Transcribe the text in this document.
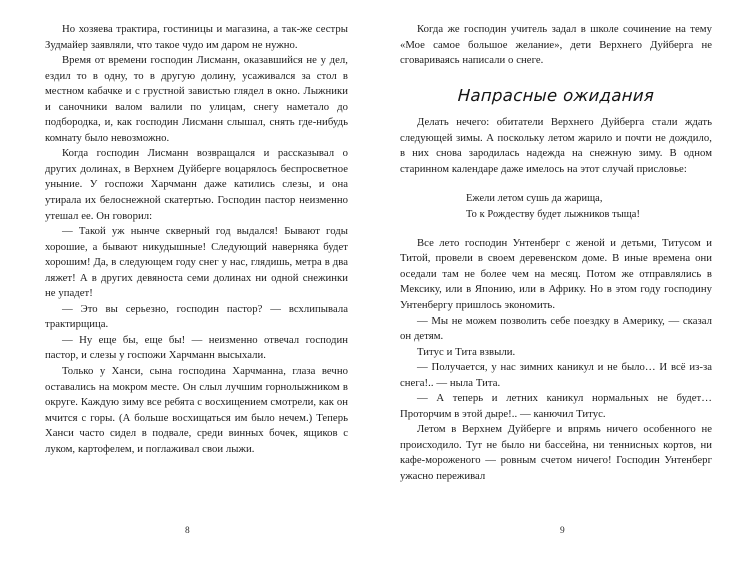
Но хозяева трактира, гостиницы и магазина, а так-же сестры Зудмайер заявляли, что такое чудо им даром не нужно.

Время от времени господин Лисманн, оказавшийся не у дел, ездил то в одну, то в другую долину, усаживался за стол в местном кабачке и с грустной завистью глядел в окно. Лыжники и саночники валом валили по улицам, снегу наметало до подбородка, и, как господин Лисманн слышал, снять где-нибудь комнату было невозможно.

Когда господин Лисманн возвращался и рассказывал о других долинах, в Верхнем Дуйберге воцарялось беспросветное уныние. У госпожи Харчманн даже катились слезы, и она утирала их белоснежной скатертью. Господин пастор неизменно утешал ее. Он говорил:

— Такой уж нынче скверный год выдался! Бывают годы хорошие, а бывают никудышные! Следующий наверняка будет хорошим! Да, в следующем году снег у нас, глядишь, метра в два ляжет! А в других девяноста семи долинах ни одной снежинки не упадет!

— Это вы серьезно, господин пастор? — всхлипывала трактирщица.

— Ну еще бы, еще бы! — неизменно отвечал господин пастор, и слезы у госпожи Харчманн высыхали.

Только у Ханси, сына господина Харчманна, глаза вечно оставались на мокром месте. Он слыл лучшим горнолыжником в округе. Каждую зиму все ребята с восхищением смотрели, как он мчится с горы. (А больше восхищаться им было нечем.) Теперь Ханси часто сидел в подвале, среди винных бочек, ящиков с луком, картофелем, и поглаживал свои лыжи.

8

Когда же господин учитель задал в школе сочинение на тему «Мое самое большое желание», дети Верхнего Дуйберга не сговариваясь написали о снеге.

Напрасные ожидания

Делать нечего: обитатели Верхнего Дуйберга стали ждать следующей зимы. А поскольку летом жарило и почти не дождило, в них снова зародилась надежда на снежную зиму. В одном старинном календаре даже имелось на этот случай присловье:

Ежели летом сушь да жарища,

То к Рождеству будет лыжников тыща!

Все лето господин Унтенберг с женой и детьми, Титусом и Титой, провели в своем деревенском доме. В иные времена они оседали там не более чем на месяц. Потом же отправлялись в Мексику, или в Японию, или в Африку. Но в этом году господину Унтенбергу пришлось экономить.

— Мы не можем позволить себе поездку в Америку, — сказал он детям.

Титус и Тита взвыли.

— Получается, у нас зимних каникул и не было… И всё из-за снега!.. — ныла Тита.

— А теперь и летних каникул нормальных не будет… Проторчим в этой дыре!.. — канючил Титус.

Летом в Верхнем Дуйберге и впрямь ничего особенного не происходило. Тут не было ни бассейна, ни теннисных кортов, ни кафе-мороженого — ровным счетом ничего! Господин Унтенберг ужасно переживал

9
